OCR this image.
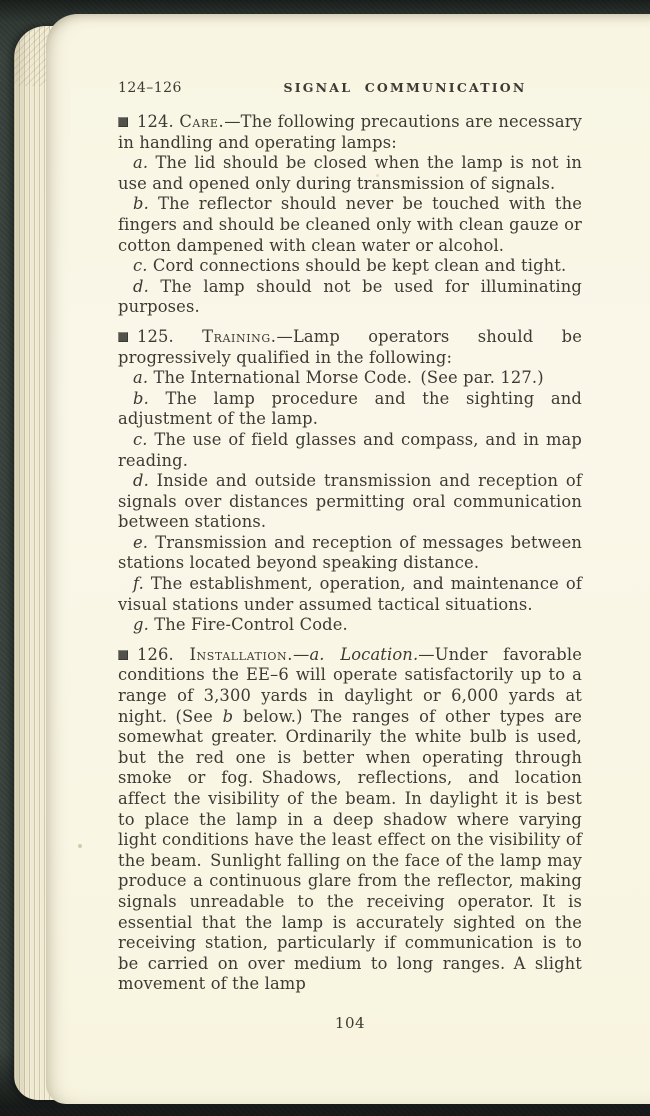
124–126	SIGNAL COMMUNICATION

124. Care.—The following precautions are necessary in handling and operating lamps:

a. The lid should be closed when the lamp is not in use and opened only during transmission of signals.

b. The reflector should never be touched with the fingers and should be cleaned only with clean gauze or cotton dampened with clean water or alcohol.

c. Cord connections should be kept clean and tight.

d. The lamp should not be used for illuminating purposes.

125. Training.—Lamp operators should be progressively qualified in the following:

a. The International Morse Code. (See par. 127.)

b. The lamp procedure and the sighting and adjustment of the lamp.

c. The use of field glasses and compass, and in map reading.

d. Inside and outside transmission and reception of signals over distances permitting oral communication between stations.

e. Transmission and reception of messages between stations located beyond speaking distance.

f. The establishment, operation, and maintenance of visual stations under assumed tactical situations.

g. The Fire-Control Code.

126. Installation.—a. Location.—Under favorable conditions the EE–6 will operate satisfactorily up to a range of 3,300 yards in daylight or 6,000 yards at night. (See b below.) The ranges of other types are somewhat greater. Ordinarily the white bulb is used, but the red one is better when operating through smoke or fog. Shadows, reflections, and location affect the visibility of the beam. In daylight it is best to place the lamp in a deep shadow where varying light conditions have the least effect on the visibility of the beam. Sunlight falling on the face of the lamp may produce a continuous glare from the reflector, making signals unreadable to the receiving operator. It is essential that the lamp is accurately sighted on the receiving station, particularly if communication is to be carried on over medium to long ranges. A slight movement of the lamp

104
